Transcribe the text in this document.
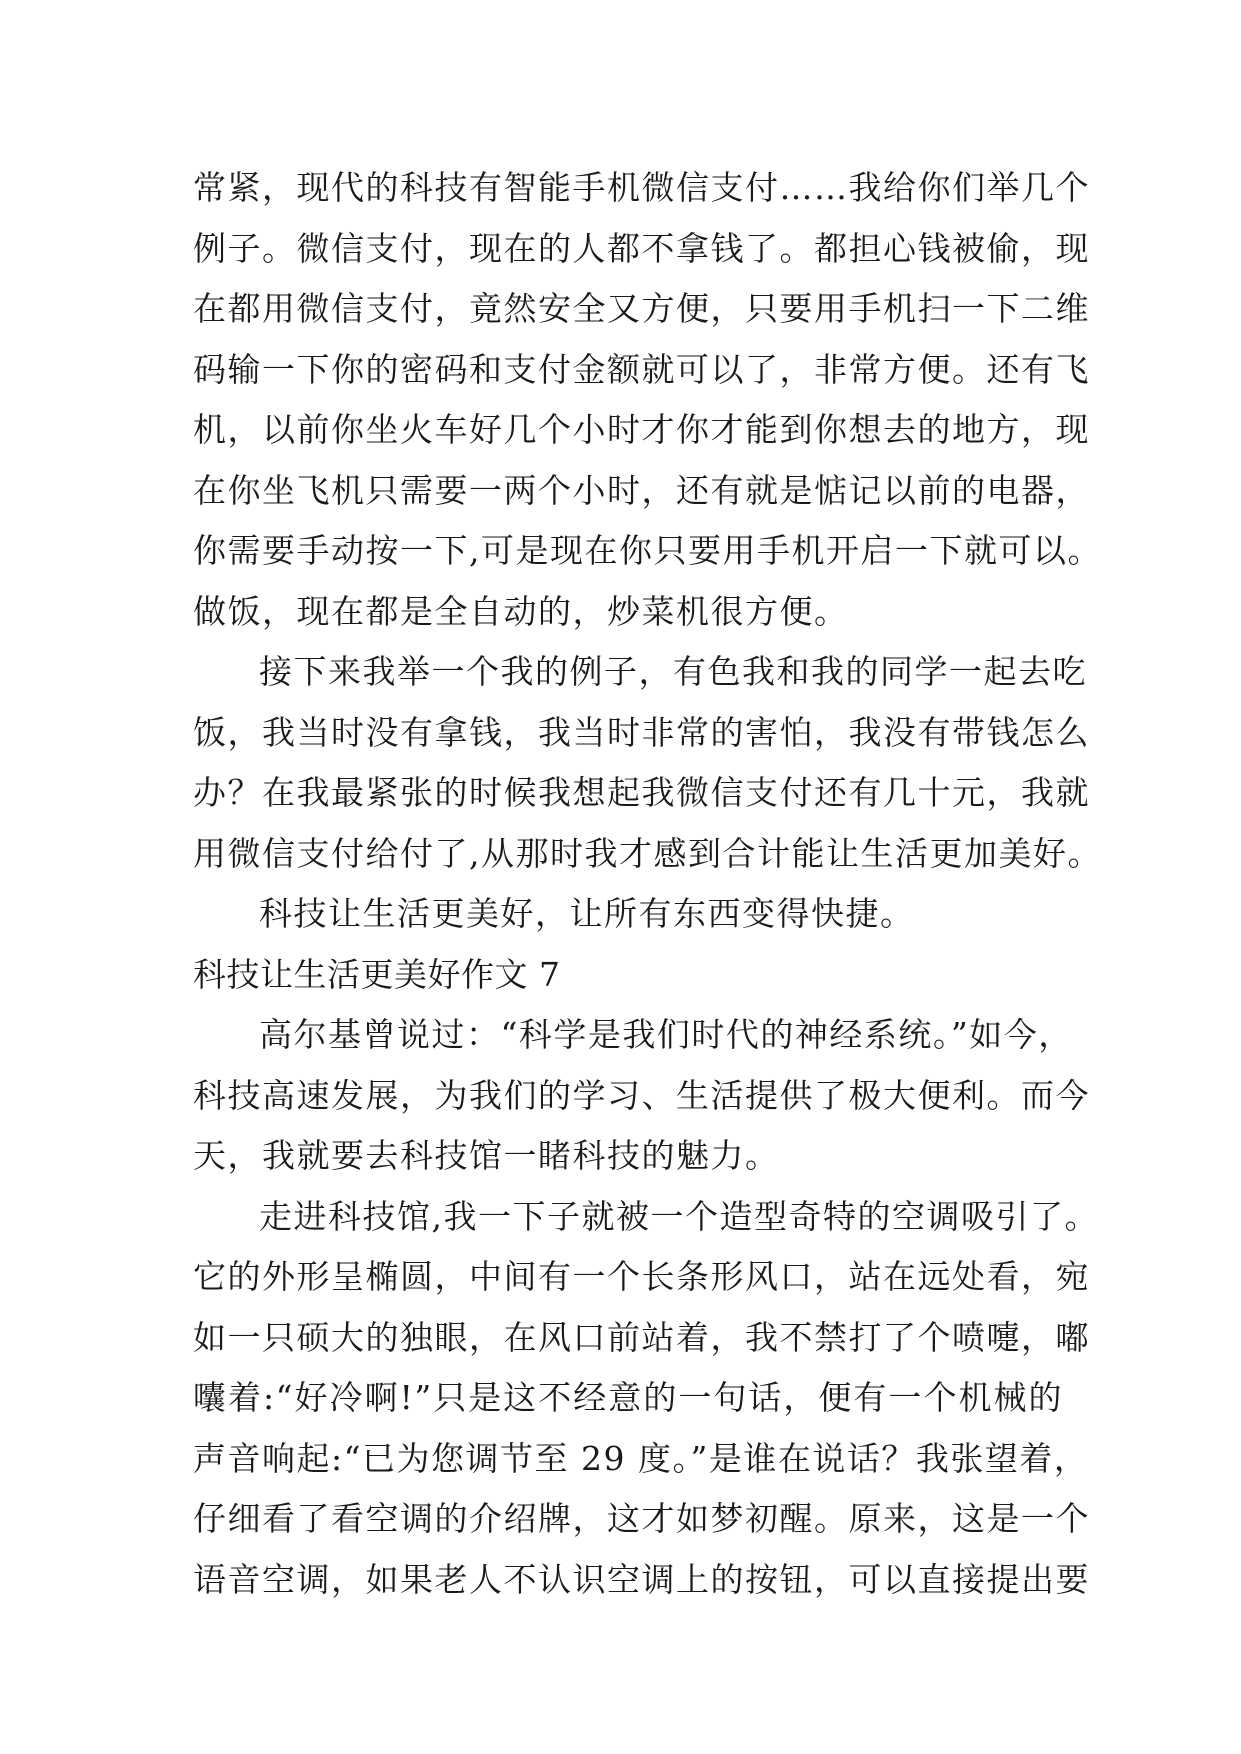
常紧，现代的科技有智能手机微信支付……我给你们举几个
例子。微信支付，现在的人都不拿钱了。都担心钱被偷，现
在都用微信支付，竟然安全又方便，只要用手机扫一下二维
码输一下你的密码和支付金额就可以了，非常方便。还有飞
机，以前你坐火车好几个小时才你才能到你想去的地方，现
在你坐飞机只需要一两个小时，还有就是惦记以前的电器，
你需要手动按一下,可是现在你只要用手机开启一下就可以。
做饭，现在都是全自动的，炒菜机很方便。
接下来我举一个我的例子，有色我和我的同学一起去吃
饭，我当时没有拿钱，我当时非常的害怕，我没有带钱怎么
办？在我最紧张的时候我想起我微信支付还有几十元，我就
用微信支付给付了,从那时我才感到合计能让生活更加美好。
科技让生活更美好，让所有东西变得快捷。
科技让生活更美好作文 7
高尔基曾说过：“科学是我们时代的神经系统。”如今，
科技高速发展，为我们的学习、生活提供了极大便利。而今
天，我就要去科技馆一睹科技的魅力。
走进科技馆,我一下子就被一个造型奇特的空调吸引了。
它的外形呈椭圆，中间有一个长条形风口，站在远处看，宛
如一只硕大的独眼，在风口前站着，我不禁打了个喷嚏，嘟
囔着:“好冷啊!”只是这不经意的一句话，便有一个机械的
声音响起:“已为您调节至 29 度。”是谁在说话？我张望着，
仔细看了看空调的介绍牌，这才如梦初醒。原来，这是一个
语音空调，如果老人不认识空调上的按钮，可以直接提出要
